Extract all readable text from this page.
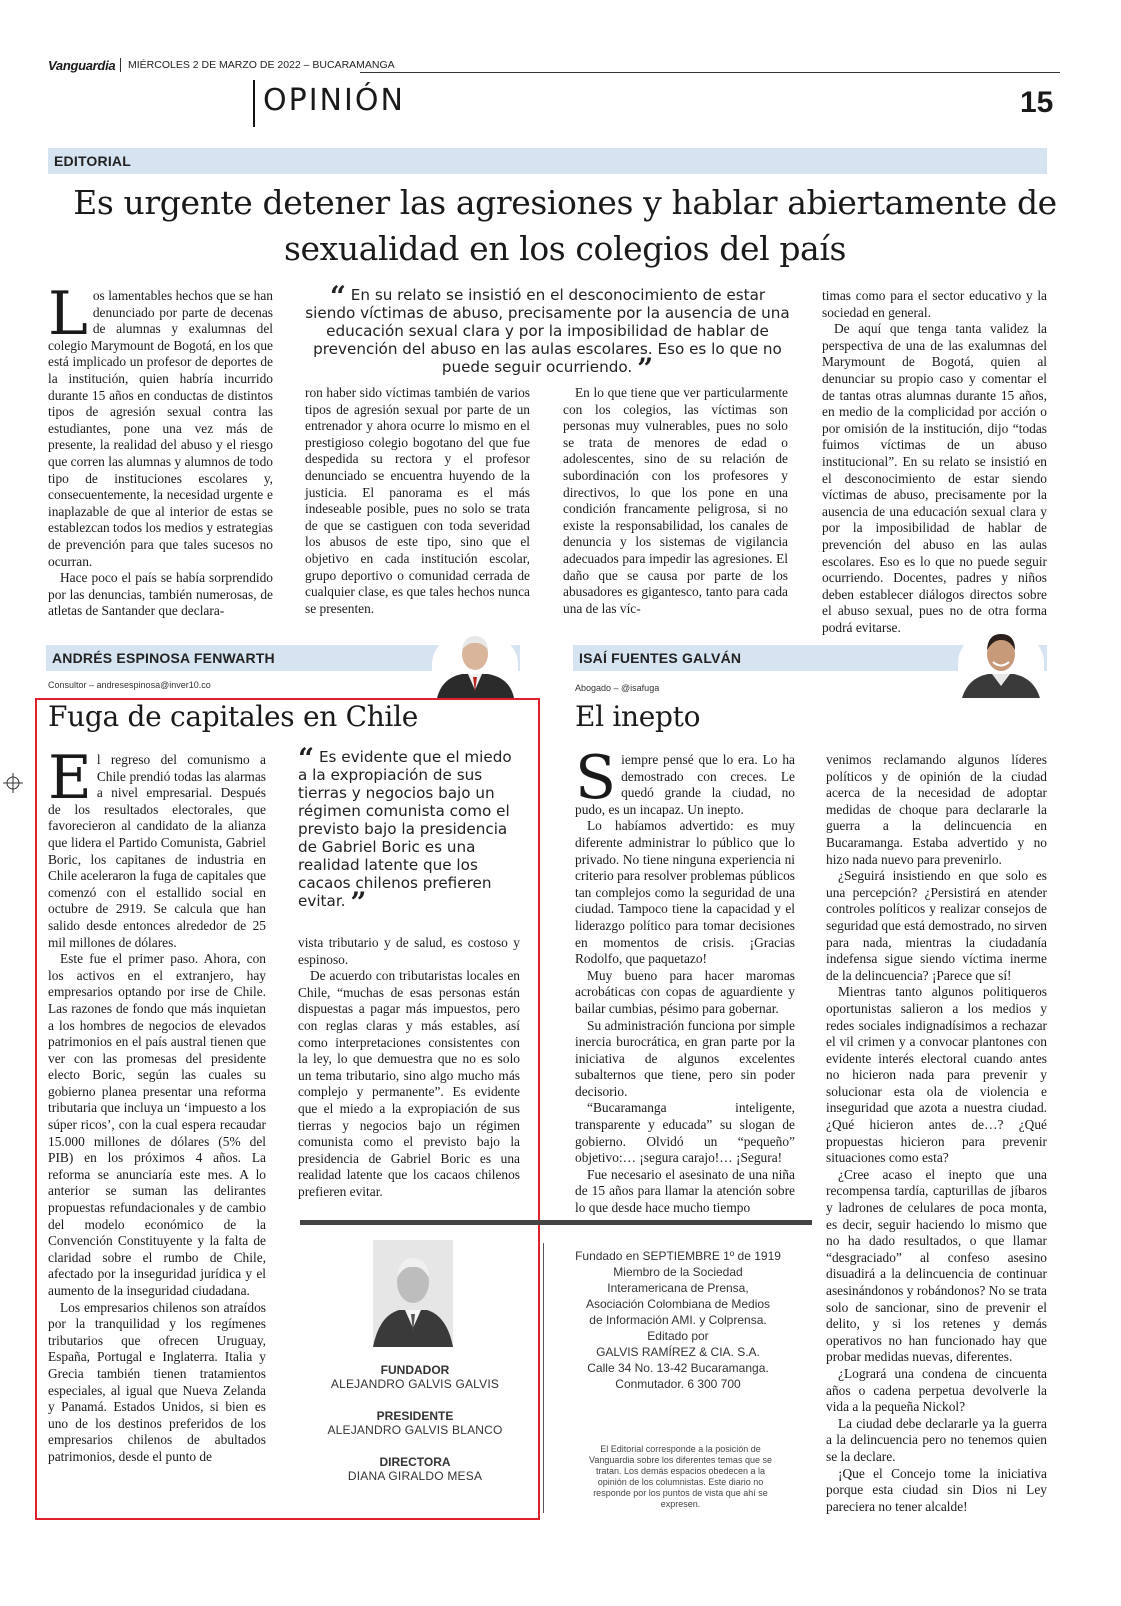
Vanguardia MIÉRCOLES 2 DE MARZO DE 2022 – BUCARAMANGA
OPINIÓN	15
EDITORIAL
Es urgente detener las agresiones y hablar abiertamente de
sexualidad en los colegios del país

Los lamentables hechos que se han denunciado por parte de decenas de alumnas y exalumnas del colegio Marymount de Bogotá, en los que está implicado un profesor de deportes de la institución, quien habría incurrido durante 15 años en conductas de distintos tipos de agresión sexual contra las estudiantes, pone una vez más de presente, la realidad del abuso y el riesgo que corren las alumnas y alumnos de todo tipo de instituciones escolares y, consecuentemente, la necesidad urgente e inaplazable de que al interior de estas se establezcan todos los medios y estrategias de prevención para que tales sucesos no ocurran.

Hace poco el país se había sorprendido por las denuncias, también numerosas, de atletas de Santander que declara-

“ En su relato se insistió en el desconocimiento de estar siendo víctimas de abuso, precisamente por la ausencia de una educación sexual clara y por la imposibilidad de hablar de prevención del abuso en las aulas escolares. Eso es lo que no puede seguir ocurriendo. ”

ron haber sido víctimas también de varios tipos de agresión sexual por parte de un entrenador y ahora ocurre lo mismo en el prestigioso colegio bogotano del que fue despedida su rectora y el profesor denunciado se encuentra huyendo de la justicia. El panorama es el más indeseable posible, pues no solo se trata de que se castiguen con toda severidad los abusos de este tipo, sino que el objetivo en cada institución escolar, grupo deportivo o comunidad cerrada de cualquier clase, es que tales hechos nunca se presenten.

En lo que tiene que ver particularmente con los colegios, las víctimas son personas muy vulnerables, pues no solo se trata de menores de edad o adolescentes, sino de su relación de subordinación con los profesores y directivos, lo que los pone en una condición francamente peligrosa, si no existe la responsabilidad, los canales de denuncia y los sistemas de vigilancia adecuados para impedir las agresiones. El daño que se causa por parte de los abusadores es gigantesco, tanto para cada una de las víc-

timas como para el sector educativo y la sociedad en general.

De aquí que tenga tanta validez la perspectiva de una de las exalumnas del Marymount de Bogotá, quien al denunciar su propio caso y comentar el de tantas otras alumnas durante 15 años, en medio de la complicidad por acción o por omisión de la institución, dijo “todas fuimos víctimas de un abuso institucional”. En su relato se insistió en el desconocimiento de estar siendo víctimas de abuso, precisamente por la ausencia de una educación sexual clara y por la imposibilidad de hablar de prevención del abuso en las aulas escolares. Eso es lo que no puede seguir ocurriendo. Docentes, padres y niños deben establecer diálogos directos sobre el abuso sexual, pues no de otra forma podrá evitarse.

ANDRÉS ESPINOSA FENWARTH
Consultor – andresespinosa@inver10.co
Fuga de capitales en Chile

El regreso del comunismo a Chile prendió todas las alarmas a nivel empresarial. Después de los resultados electorales, que favorecieron al candidato de la alianza que lidera el Partido Comunista, Gabriel Boric, los capitanes de industria en Chile aceleraron la fuga de capitales que comenzó con el estallido social en octubre de 2919. Se calcula que han salido desde entonces alrededor de 25 mil millones de dólares.

Este fue el primer paso. Ahora, con los activos en el extranjero, hay empresarios optando por irse de Chile. Las razones de fondo que más inquietan a los hombres de negocios de elevados patrimonios en el país austral tienen que ver con las promesas del presidente electo Boric, según las cuales su gobierno planea presentar una reforma tributaria que incluya un ‘impuesto a los súper ricos’, con la cual espera recaudar 15.000 millones de dólares (5% del PIB) en los próximos 4 años. La reforma se anunciaría este mes. A lo anterior se suman las delirantes propuestas refundacionales y de cambio del modelo económico de la Convención Constituyente y la falta de claridad sobre el rumbo de Chile, afectado por la inseguridad jurídica y el aumento de la inseguridad ciudadana.

Los empresarios chilenos son atraídos por la tranquilidad y los regímenes tributarios que ofrecen Uruguay, España, Portugal e Inglaterra. Italia y Grecia también tienen tratamientos especiales, al igual que Nueva Zelanda y Panamá. Estados Unidos, si bien es uno de los destinos preferidos de los empresarios chilenos de abultados patrimonios, desde el punto de

“ Es evidente que el miedo a la expropiación de sus tierras y negocios bajo un régimen comunista como el previsto bajo la presidencia de Gabriel Boric es una realidad latente que los cacaos chilenos prefieren evitar. ”

vista tributario y de salud, es costoso y espinoso.

De acuerdo con tributaristas locales en Chile, “muchas de esas personas están dispuestas a pagar más impuestos, pero con reglas claras y más estables, así como interpretaciones consistentes con la ley, lo que demuestra que no es solo un tema tributario, sino algo mucho más complejo y permanente”. Es evidente que el miedo a la expropiación de sus tierras y negocios bajo un régimen comunista como el previsto bajo la presidencia de Gabriel Boric es una realidad latente que los cacaos chilenos prefieren evitar.

ISAÍ FUENTES GALVÁN
Abogado – @isafuga
El inepto

Siempre pensé que lo era. Lo ha demostrado con creces. Le quedó grande la ciudad, no pudo, es un incapaz. Un inepto.

Lo habíamos advertido: es muy diferente administrar lo público que lo privado. No tiene ninguna experiencia ni criterio para resolver problemas públicos tan complejos como la seguridad de una ciudad. Tampoco tiene la capacidad y el liderazgo político para tomar decisiones en momentos de crisis. ¡Gracias Rodolfo, que paquetazo!

Muy bueno para hacer maromas acrobáticas con copas de aguardiente y bailar cumbias, pésimo para gobernar.

Su administración funciona por simple inercia burocrática, en gran parte por la iniciativa de algunos excelentes subalternos que tiene, pero sin poder decisorio.

“Bucaramanga inteligente, transparente y educada” su slogan de gobierno. Olvidó un “pequeño” objetivo:… ¡segura carajo!… ¡Segura!

Fue necesario el asesinato de una niña de 15 años para llamar la atención sobre lo que desde hace mucho tiempo

venimos reclamando algunos líderes políticos y de opinión de la ciudad acerca de la necesidad de adoptar medidas de choque para declararle la guerra a la delincuencia en Bucaramanga. Estaba advertido y no hizo nada nuevo para prevenirlo.

¿Seguirá insistiendo en que solo es una percepción? ¿Persistirá en atender controles políticos y realizar consejos de seguridad que está demostrado, no sirven para nada, mientras la ciudadanía indefensa sigue siendo víctima inerme de la delincuencia? ¡Parece que sí!

Mientras tanto algunos politiqueros oportunistas salieron a los medios y redes sociales indignadísimos a rechazar el vil crimen y a convocar plantones con evidente interés electoral cuando antes no hicieron nada para prevenir y solucionar esta ola de violencia e inseguridad que azota a nuestra ciudad. ¿Qué hicieron antes de…? ¿Qué propuestas hicieron para prevenir situaciones como esta?

¿Cree acaso el inepto que una recompensa tardía, capturillas de jíbaros y ladrones de celulares de poca monta, es decir, seguir haciendo lo mismo que no ha dado resultados, o que llamar “desgraciado” al confeso asesino disuadirá a la delincuencia de continuar asesinándonos y robándonos? No se trata solo de sancionar, sino de prevenir el delito, y si los retenes y demás operativos no han funcionado hay que probar medidas nuevas, diferentes.

¿Logrará una condena de cincuenta años o cadena perpetua devolverle la vida a la pequeña Nickol?

La ciudad debe declararle ya la guerra a la delincuencia pero no tenemos quien se la declare.

¡Que el Concejo tome la iniciativa porque esta ciudad sin Dios ni Ley pareciera no tener alcalde!

FUNDADOR
ALEJANDRO GALVIS GALVIS
PRESIDENTE
ALEJANDRO GALVIS BLANCO
DIRECTORA
DIANA GIRALDO MESA
Fundado en SEPTIEMBRE 1º de 1919
Miembro de la Sociedad
Interamericana de Prensa,
Asociación Colombiana de Medios
de Información AMI. y Colprensa.
Editado por
GALVIS RAMÍREZ & CIA. S.A.
Calle 34 No. 13-42 Bucaramanga.
Conmutador. 6 300 700
El Editorial corresponde a la posición de Vanguardia sobre los diferentes temas que se tratan. Los demás espacios obedecen a la opinión de los columnistas. Este diario no responde por los puntos de vista que ahí se expresen.
